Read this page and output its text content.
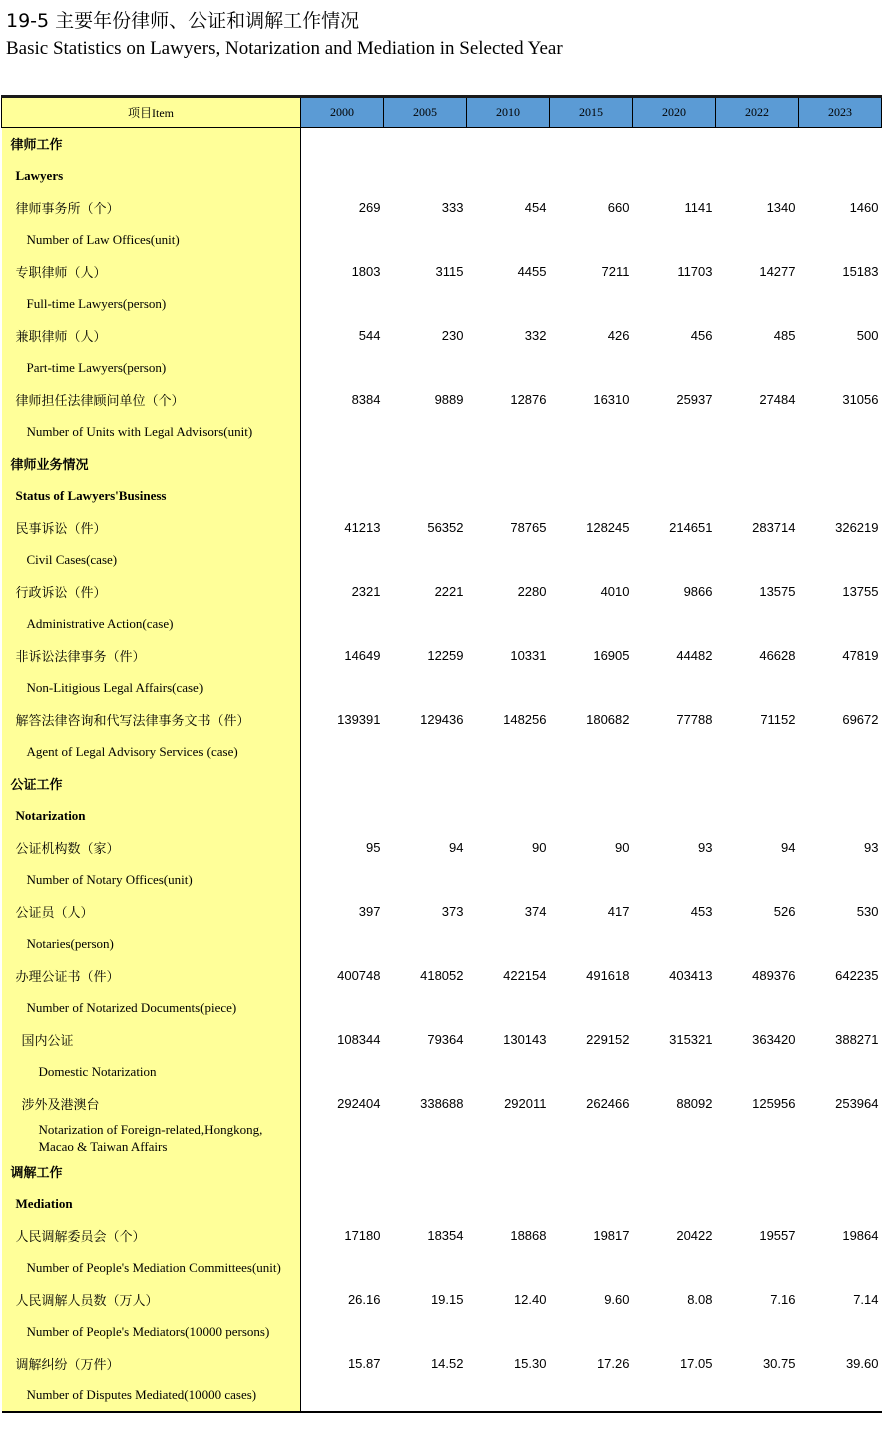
19-5 主要年份律师、公证和调解工作情况
Basic Statistics on Lawyers, Notarization and Mediation in Selected Year
项目Item	2000	2005	2010	2015	2020	2022	2023
律师工作							
Lawyers							
律师事务所（个）	269	333	454	660	1141	1340	1460
Number of Law Offices(unit)							
专职律师（人）	1803	3115	4455	7211	11703	14277	15183
Full-time Lawyers(person)							
兼职律师（人）	544	230	332	426	456	485	500
Part-time Lawyers(person)							
律师担任法律顾问单位（个）	8384	9889	12876	16310	25937	27484	31056
Number of Units with Legal Advisors(unit)							
律师业务情况							
Status of Lawyers'Business							
民事诉讼（件）	41213	56352	78765	128245	214651	283714	326219
Civil Cases(case)							
行政诉讼（件）	2321	2221	2280	4010	9866	13575	13755
Administrative Action(case)							
非诉讼法律事务（件）	14649	12259	10331	16905	44482	46628	47819
Non-Litigious Legal Affairs(case)							
解答法律咨询和代写法律事务文书（件）	139391	129436	148256	180682	77788	71152	69672
Agent of Legal Advisory Services (case)							
公证工作							
Notarization							
公证机构数（家）	95	94	90	90	93	94	93
Number of Notary Offices(unit)							
公证员（人）	397	373	374	417	453	526	530
Notaries(person)							
办理公证书（件）	400748	418052	422154	491618	403413	489376	642235
Number of Notarized Documents(piece)							
国内公证	108344	79364	130143	229152	315321	363420	388271
Domestic Notarization							
涉外及港澳台	292404	338688	292011	262466	88092	125956	253964
Notarization of Foreign-related,Hongkong, Macao & Taiwan Affairs							
调解工作							
Mediation							
人民调解委员会（个）	17180	18354	18868	19817	20422	19557	19864
Number of People's Mediation Committees(unit)							
人民调解人员数（万人）	26.16	19.15	12.40	9.60	8.08	7.16	7.14
Number of People's Mediators(10000 persons)							
调解纠纷（万件）	15.87	14.52	15.30	17.26	17.05	30.75	39.60
Number of Disputes Mediated(10000 cases)							
